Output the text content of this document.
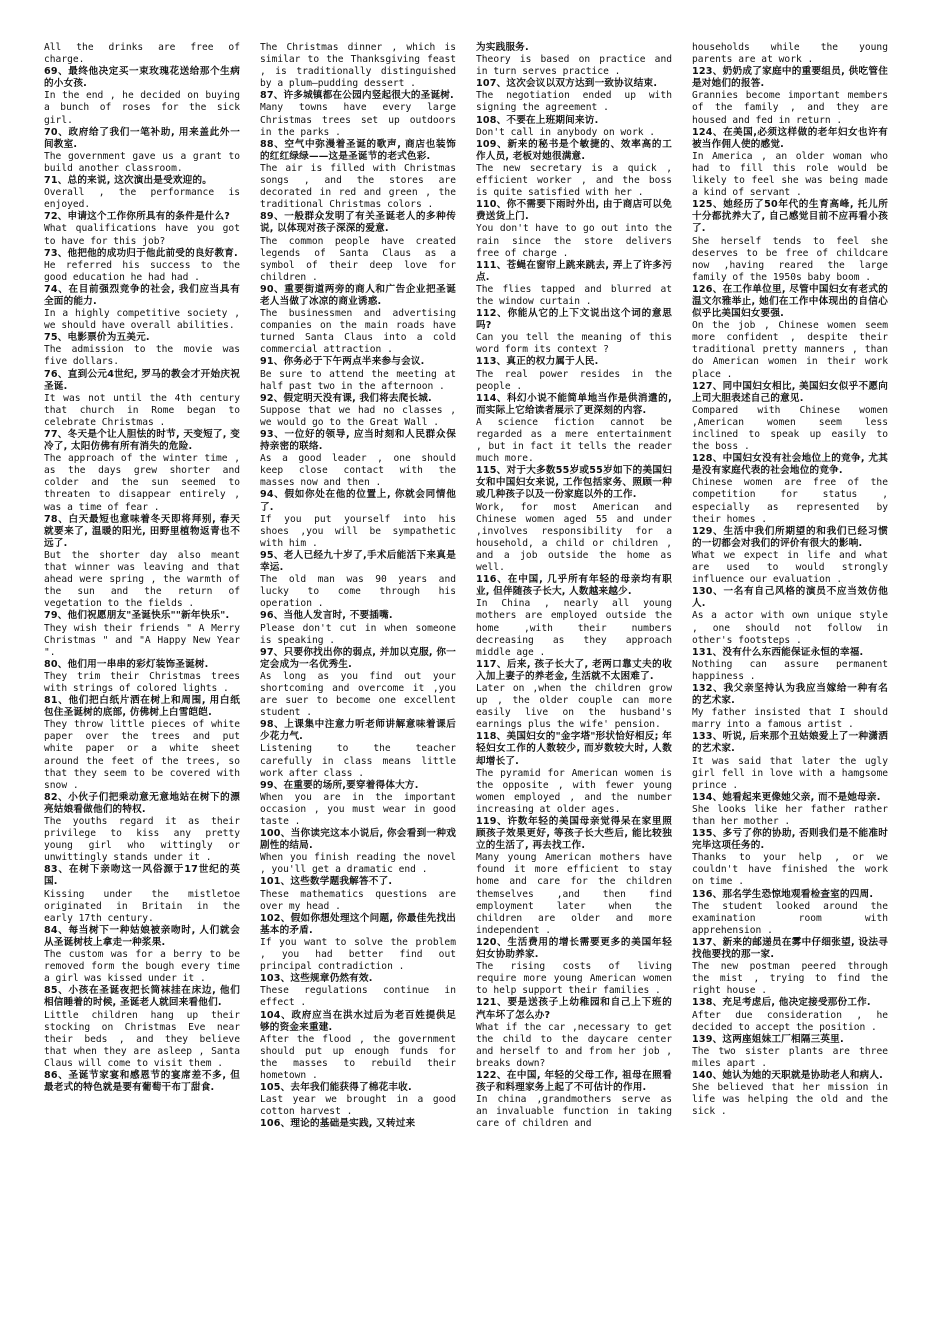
All the drinks are free of charge.
69、最终他决定买一束玫瑰花送给那个生病的小女孩.
In the end , he decided on buying a bunch of roses for the sick girl.
70、政府给了我们一笔补助, 用来盖此外一间教室.
The government gave us a grant to build another classroom.
71、总的来说, 这次演出是受欢迎的。
Overall , the performance is enjoyed.
72、申请这个工作你所具有的条件是什么?
What qualifications have you got to have for this job?
73、他把他的成功归于他此前受的良好教育.
He referred his success to the good education he had had .
74、在目前强烈竞争的社会, 我们应当具有全面的能力.
In a highly competitive society , we should have overall abilities.
75、电影票价为五美元.
The admission to the movie was five dollars.
76、直到公元4世纪, 罗马的教会才开始庆祝圣诞.
It was not until the 4th century that church in Rome began to celebrate Christmas .
77、冬天是个让人胆怯的时节, 天变短了, 变冷了, 太阳仿佛有所有消失的危险.
The approach of the winter time , as the days grew shorter and colder and the sun seemed to threaten to disappear entirely , was a time of fear .
78、白天最短也意味着冬天即将拜别, 春天就要来了, 温暖的阳光, 田野里植物返青也不远了.
But the shorter day also meant that winner was leaving and that ahead were spring , the warmth of the sun and the return of vegetation to the fields .
79、他们祝愿朋友"圣诞快乐""新年快乐".
They wish their friends " A Merry Christmas " and "A Happy New Year ".
80、他们用一串串的彩灯装饰圣诞树.
They trim their Christmas trees with strings of colored lights .
81、他们把白纸片洒在树上和周围, 用白纸包住圣诞树的底部, 仿佛树上白雪皑皑.
They throw little pieces of white paper over the trees and put white paper or a white sheet around the feet of the trees, so that they seem to be covered with snow .
82、小伙子们把乘动意无意地站在树下的漂亮姑娘看做他们的特权.
The youths regard it as their privilege to kiss any pretty young girl who wittingly or unwittingly stands under it .
83、在树下亲吻这一风俗源于17世纪的英国.
Kissing under the mistletoe originated in Britain in the early 17th century.
84、每当树下一种姑娘被亲吻时, 人们就会从圣诞树枝上拿走一种浆果.
The custom was for a berry to be removed form the bough every time a girl was kissed under it .
85、小孩在圣诞夜把长筒袜挂在床边, 他们相信睡着的时候, 圣诞老人就回来看他们.
Little children hang up their stocking on Christmas Eve near their beds , and they believe that when they are asleep , Santa Claus will come to visit them .
86、圣诞节家宴和感恩节的宴席差不多, 但最老式的特色就是要有葡萄干布丁甜食.
The Christmas dinner , which is similar to the Thanksgiving feast , is traditionally distinguished by a plum—pudding dessert .
87、许多城镇都在公园内竖起很大的圣诞树.
Many towns have every large Christmas trees set up outdoors in the parks .
88、空气中弥漫着圣诞的歌声, 商店也装饰的红红绿绿——这是圣诞节的老式色彩.
The air is filled with Christmas songs , and the stores are decorated in red and green , the traditional Christmas colors .
89、一般群众发明了有关圣诞老人的多种传说, 以体现对孩子深深的爱意.
The common people have created legends of Santa Claus as a symbol of their deep love for children .
90、重要街道两旁的商人和广告企业把圣诞老人当做了冰凉的商业诱惑.
The businessmen and advertising companies on the main roads have turned Santa Claus into a cold commercial attraction .
91、你务必于下午两点半来参与会议.
Be sure to attend the meeting at half past two in the afternoon .
92、假定明天没有课, 我们将去爬长城.
Suppose that we had no classes , we would go to the Great Wall .
93、一位好的领导, 应当时刻和人民群众保持亲密的联络.
As a good leader , one should keep close contact with the masses now and then .
94、假如你处在他的位置上, 你就会同情他了.
If you put yourself into his shoes ,you will be sympathetic with him .
95、老人已经九十岁了,手术后能活下来真是幸运.
The old man was 90 years and lucky to come through his operation .
96、当他人发言时, 不要插嘴.
Please don't cut in when someone is speaking .
97、只要你找出你的弱点, 并加以克服, 你一定会成为一名优秀生.
As long as you find out your shortcoming and overcome it ,you are suer to become one excellent student .
98、上课集中注意力听老师讲解意味着课后少花力气.
Listening to the teacher carefully in class means little work after class .
99、在重要的场所,要穿着得体大方.
When you are in the important occasion , you must wear in good taste .
100、当你读完这本小说后, 你会看到一种戏剧性的结局.
When you finish reading the novel , you'll get a dramatic end .
101、这些数学题我解答不了.
These mathematics questions are over my head .
102、假如你想处理这个问题, 你最佳先找出基本的矛盾.
If you want to solve the problem , you had better find out principal contradiction .
103、这些规章仍然有效.
These regulations continue in effect .
104、政府应当在洪水过后为老百姓提供足够的资金来重建.
After the flood , the government should put up enough funds for the masses to rebuild their hometown .
105、去年我们能获得了棉花丰收.
Last year we brought in a good cotton harvest .
106、理论的基础是实践, 又转过来
为实践服务.
Theory is based on practice and in turn serves practice .
107、这次会议以双方达到一致协议结束.
The negotiation ended up with signing the agreement .
108、不要在上班期间来访.
Don't call in anybody on work .
109、新来的秘书是个敏捷的、效率高的工作人员, 老板对她很满意.
The new secretary is a quick , efficient worker , and the boss is quite satisfied with her .
110、你不需要下雨时外出, 由于商店可以免费送货上门.
You don't have to go out into the rain since the store delivers free of charge .
111、苍蝇在窗帘上跳来跳去, 弄上了许多污点.
The flies tapped and blurred at the window curtain .
112、你能从它的上下文说出这个词的意思吗?
Can you tell the meaning of this word form its context ?
113、真正的权力属于人民.
The real power resides in the people .
114、科幻小说不能简单地当作是供消遣的, 而实际上它给读者展示了更深刻的内容.
A science fiction cannot be regarded as a mere entertainment , but in fact it tells the reader much more.
115、对于大多数55岁或55岁如下的美国妇女和中国妇女来说, 工作包括家务、照顾一种或几种孩子以及一份家庭以外的工作.
Work, for most American and Chinese women aged 55 and under ,involves responsibility for a household, a child or children , and a job outside the home as well.
116、在中国, 几乎所有年轻的母亲均有职业, 但伴随孩子长大, 人数越来越少.
In China , nearly all young mothers are employed outside the home ,with their numbers decreasing as they approach middle age .
117、后来, 孩子长大了, 老两口靠丈夫的收入加上妻子的养老金, 生活就不太困难了.
Later on ,when the children grow up , the older couple can more easily live on the husband's earnings plus the wife' pension.
118、美国妇女的"金字塔"形状恰好相反; 年轻妇女工作的人数较少, 而岁数较大时, 人数却增长了.
The pyramid for American women is the opposite , with fewer young women employed , and the number increasing at older ages.
119、许数年轻的美国母亲觉得呆在家里照顾孩子效果更好, 等孩子长大些后, 能比较独立的生活了, 再去找工作.
Many young American mothers have found it more efficient to stay home and care for the children themselves ,and then find employment later when the children are older and more independent .
120、生活费用的增长需要更多的美国年轻妇女协助养家.
The rising costs of living require more young American women to help support their families .
121、要是送孩子上幼稚园和自己上下班的汽车坏了怎么办?
What if the car ,necessary to get the child to the daycare center and herself to and from her job , breaks down?
122、在中国, 年轻的父母工作, 祖母在照看孩子和料理家务上起了不可估计的作用.
In china ,grandmothers serve as an invaluable function in taking care of children and
households while the young parents are at work .
123、奶奶成了家庭中的重要组员, 供吃管住是对她们的报答.
Grannies become important members of the family , and they are housed and fed in return .
124、在美国,必须这样做的老年妇女也许有被当作佣人使的感觉.
In America , an older woman who had to fill this role would be likely to feel she was being made a kind of servant .
125、她经历了50年代的生育高峰, 托儿所十分都扰养大了, 自己感觉目前不应再看小孩了.
She herself tends to feel she deserves to be free of childcare now ,having reared the large family of the 1950s baby boom .
126、在工作单位里, 尽管中国妇女有老式的温文尔雅举止, 她们在工作中体现出的自信心似乎比美国妇女要强.
On the job , Chinese women seem more confident , despite their traditional pretty manners , than do American women in their work place .
127、同中国妇女相比, 美国妇女似乎不愿向上司大胆表述自己的意见.
Compared with Chinese women ,American women seem less inclined to speak up easily to the boss .
128、中国妇女没有社会地位上的竞争, 尤其是没有家庭代表的社会地位的竞争.
Chinese women are free of the competition for status , especially as represented by their homes .
129、生活中我们所期望的和我们已经习惯的一切都会对我们的评价有很大的影响.
What we expect in life and what are used to would strongly influence our evaluation .
130、一名有自己风格的演员不应当效仿他人.
As a actor with own unique style , one should not follow in other's footsteps .
131、没有什么东西能保证永恒的幸福.
Nothing can assure permanent happiness .
132、我父亲坚持认为我应当嫁给一种有名的艺术家.
My father insisted that I should marry into a famous artist .
133、听说, 后来那个丑姑娘爱上了一种潇洒的艺术家.
It was said that later the ugly girl fell in love with a hamgsome prince .
134、她看起来更像她父亲, 而不是她母亲.
She looks like her father rather than her mother .
135、多亏了你的协助, 否则我们是不能准时完毕这项任务的.
Thanks to your help , or we couldn't have finished the work on time .
136、那名学生恐惊地观看检查室的四周.
The student looked around the examination room with apprehension .
137、新来的邮递员在雾中仔细张望, 设法寻找他要找的那一家.
The new postman peered through the mist , trying to find the right house .
138、充足考虑后, 他决定接受那份工作.
After due consideration , he decided to accept the position .
139、这两座姐妹工厂相隔三英里.
The two sister plants are three miles apart .
140、她认为她的天职就是协助老人和病人.
She believed that her mission in life was helping the old and the sick .
